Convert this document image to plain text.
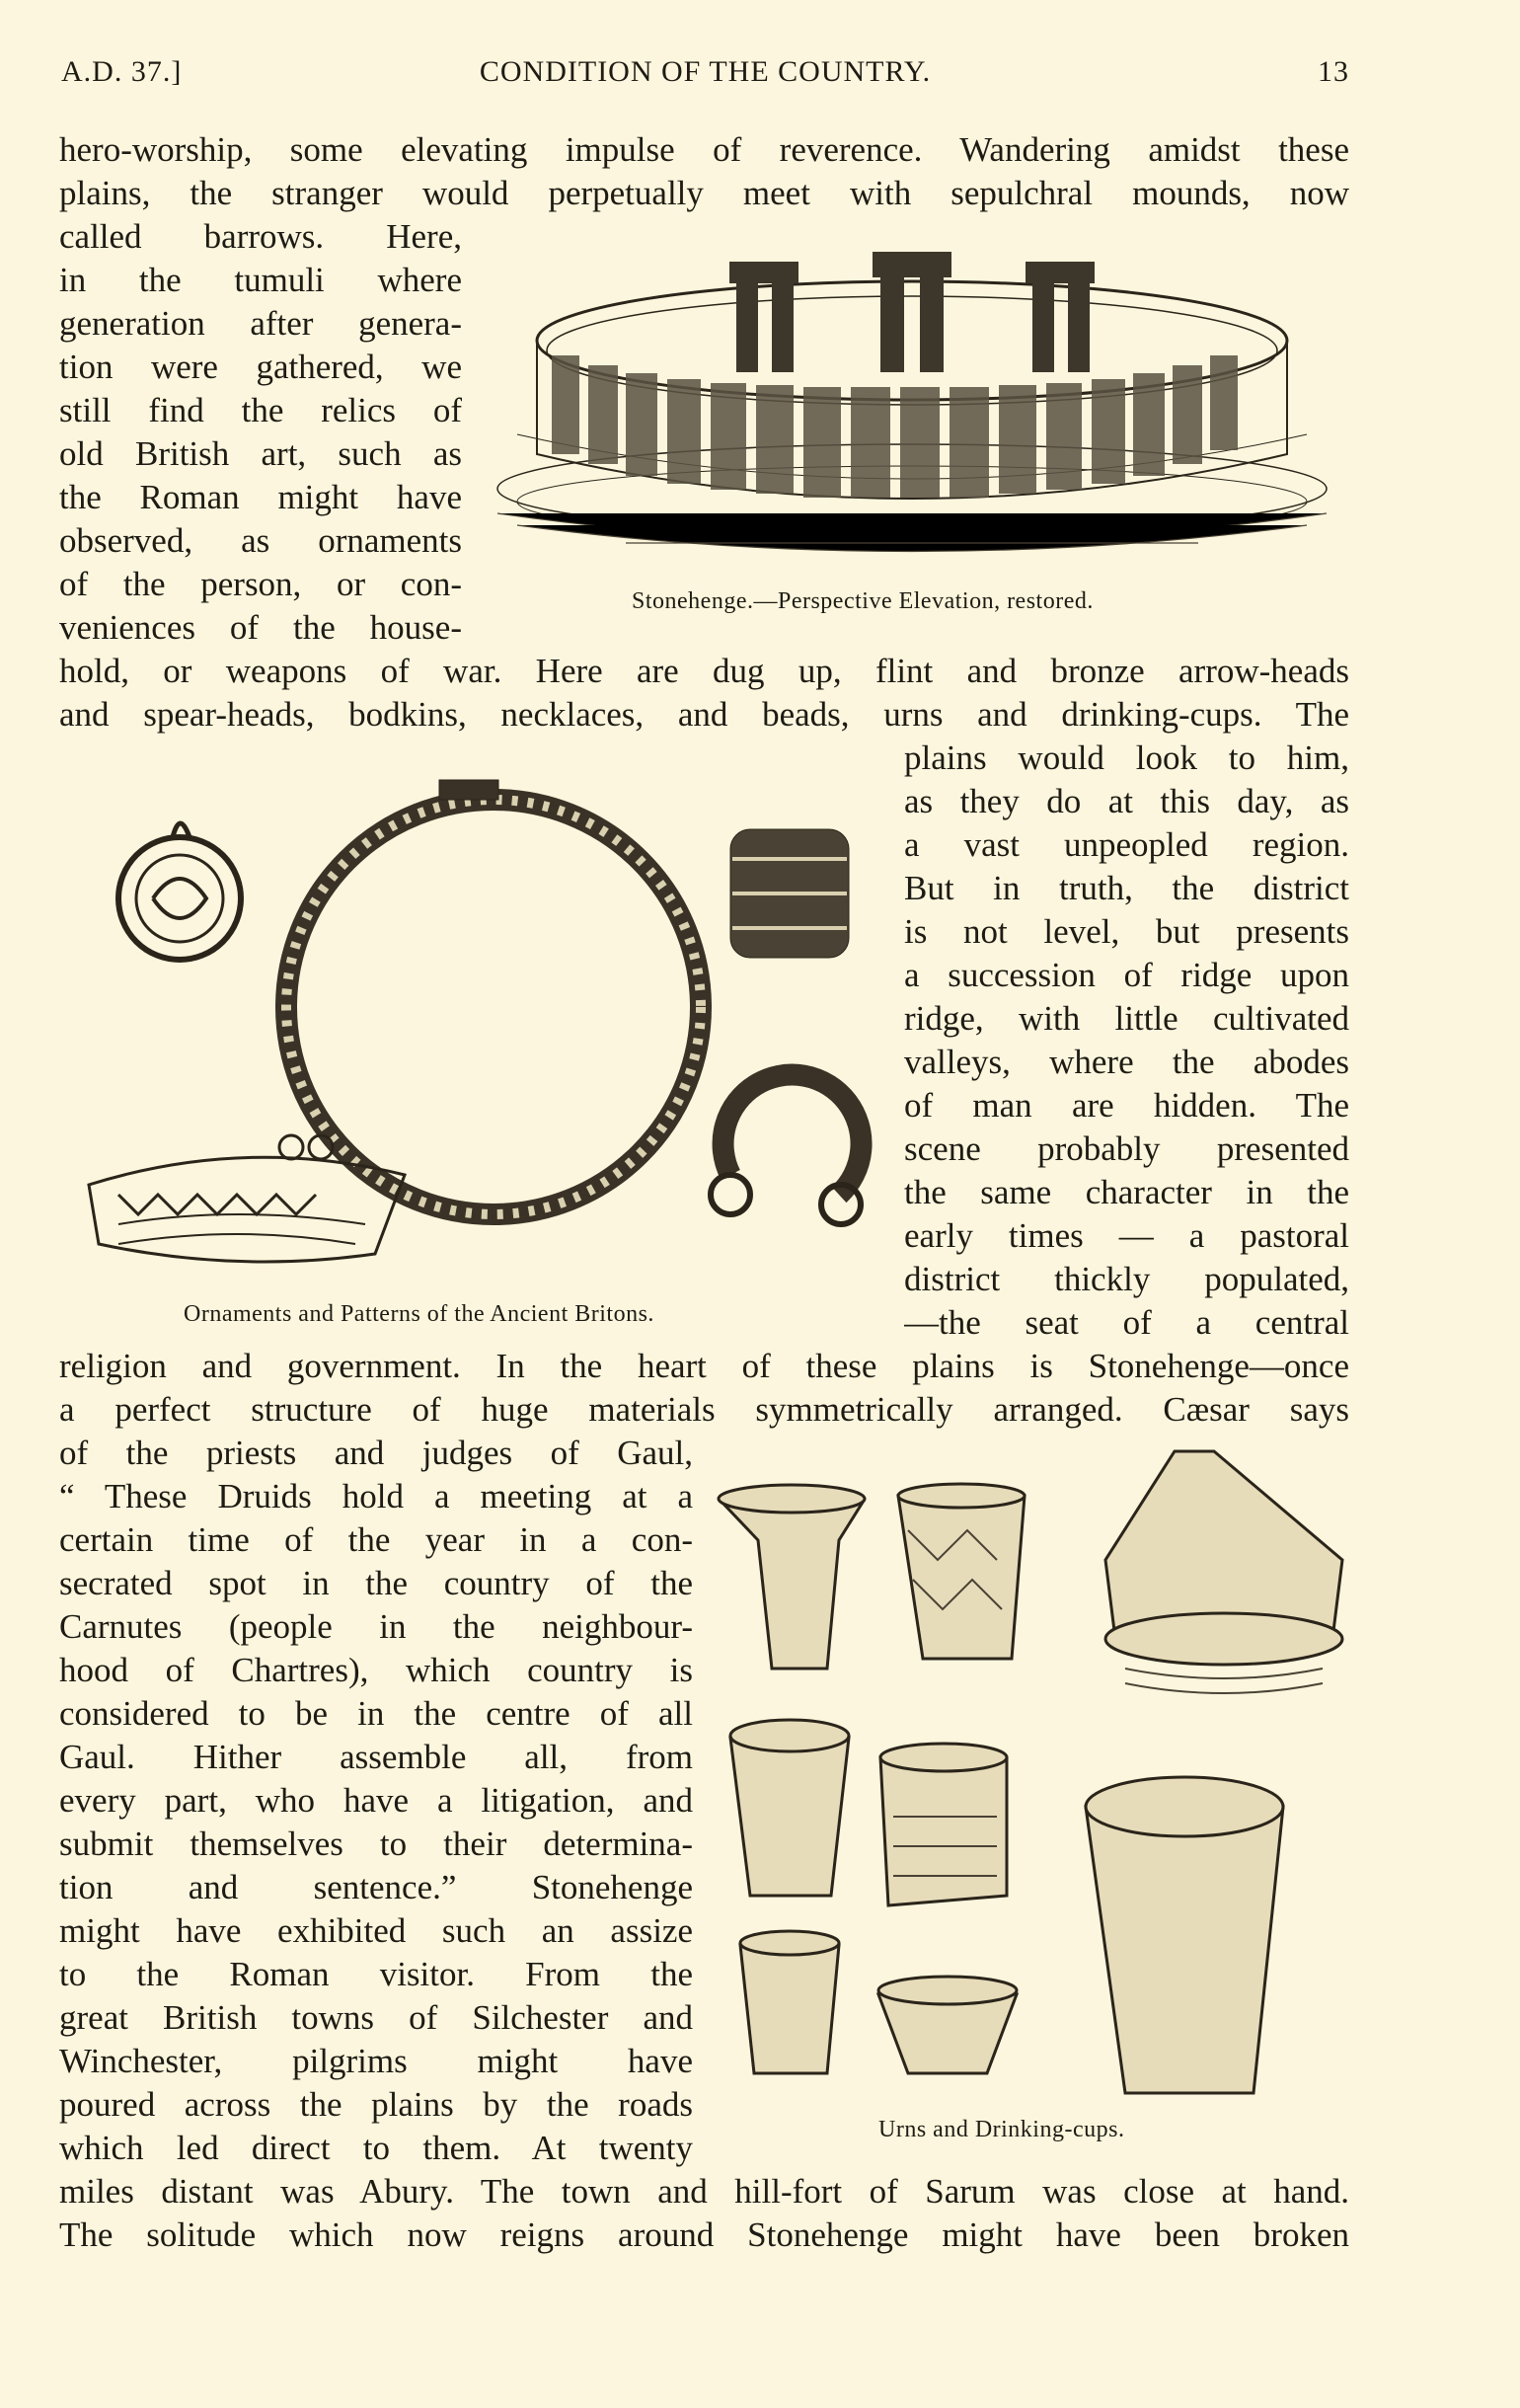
A.D. 37.]	CONDITION OF THE COUNTRY.	13
hero-worship, some elevating impulse of reverence. Wandering amidst these
plains, the stranger would perpetually meet with sepulchral mounds, now
called barrows. Here,
in the tumuli where
generation after genera-
tion were gathered, we
still find the relics of
old British art, such as
the Roman might have
observed, as ornaments
of the person, or con-
veniences of the house-
hold, or weapons of war. Here are dug up, flint and bronze arrow-heads
and spear-heads, bodkins, necklaces, and beads, urns and drinking-cups. The
plains would look to him,
as they do at this day, as
a vast unpeopled region.
But in truth, the district
is not level, but presents
a succession of ridge upon
ridge, with little cultivated
valleys, where the abodes
of man are hidden. The
scene probably presented
the same character in the
early times — a pastoral
district thickly populated,
—the seat of a central
religion and government. In the heart of these plains is Stonehenge—once
a perfect structure of huge materials symmetrically arranged. Cæsar says
of the priests and judges of Gaul,
“ These Druids hold a meeting at a
certain time of the year in a con-
secrated spot in the country of the
Carnutes (people in the neighbour-
hood of Chartres), which country is
considered to be in the centre of all
Gaul. Hither assemble all, from
every part, who have a litigation, and
submit themselves to their determina-
tion and sentence.” Stonehenge
might have exhibited such an assize
to the Roman visitor. From the
great British towns of Silchester and
Winchester, pilgrims might have
poured across the plains by the roads
which led direct to them. At twenty
miles distant was Abury. The town and hill-fort of Sarum was close at hand.
The solitude which now reigns around Stonehenge might have been broken
Stonehenge.—Perspective Elevation, restored.
Ornaments and Patterns of the Ancient Britons.
Urns and Drinking-cups.
